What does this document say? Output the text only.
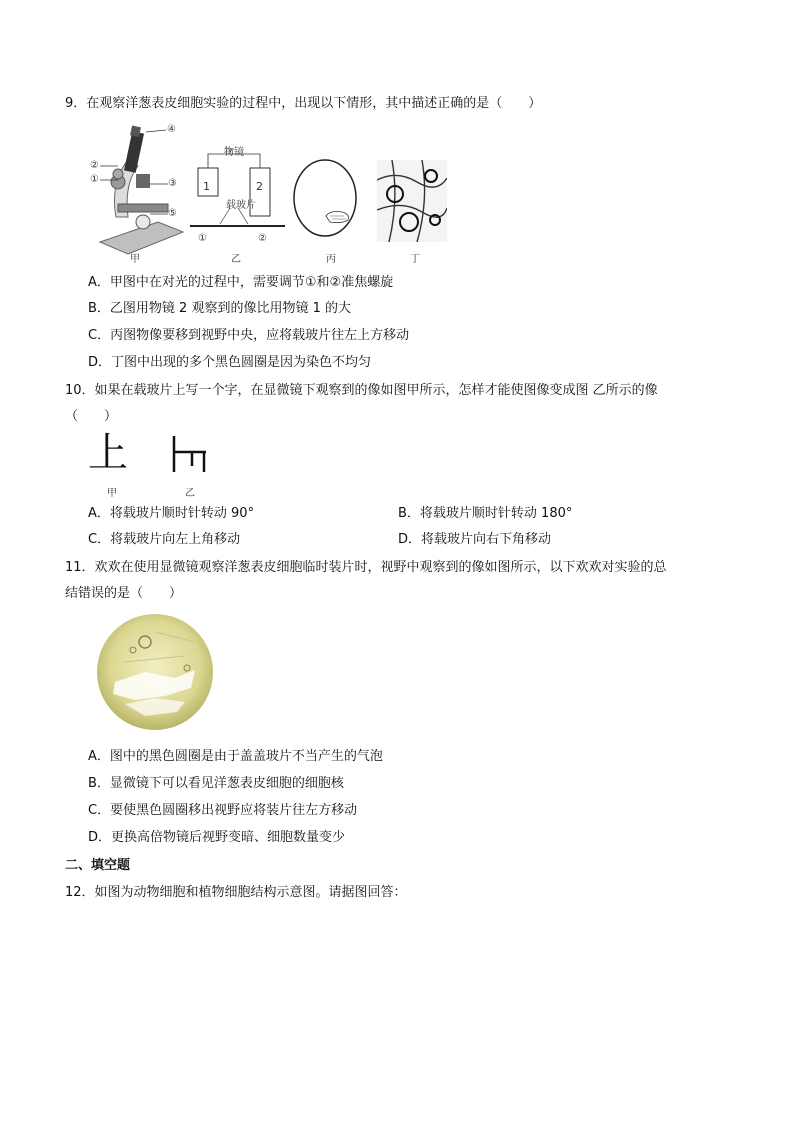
9．在观察洋葱表皮细胞实验的过程中，出现以下情形，其中描述正确的是（　　）
④
②
①	③
⑤
甲
物镜
载玻片
1	2
①	②
乙	丙	丁
A．甲图中在对光的过程中，需要调节①和②准焦螺旋
B．乙图用物镜 2 观察到的像比用物镜 1 的大
C．丙图物像要移到视野中央，应将载玻片往左上方移动
D．丁图中出现的多个黑色圆圈是因为染色不均匀
10．如果在载玻片上写一个字，在显微镜下观察到的像如图甲所示，怎样才能使图像变成图 乙所示的像
（　　）
上
甲	乙
A．将载玻片顺时针转动 90°	B．将载玻片顺时针转动 180°
C．将载玻片向左上角移动	D．将载玻片向右下角移动
11．欢欢在使用显微镜观察洋葱表皮细胞临时装片时，视野中观察到的像如图所示，以下欢欢对实验的总
结错误的是（　　）
A．图中的黑色圆圈是由于盖盖玻片不当产生的气泡
B．显微镜下可以看见洋葱表皮细胞的细胞核
C．要使黑色圆圈移出视野应将装片往左方移动
D．更换高倍物镜后视野变暗、细胞数量变少
二、填空题
12．如图为动物细胞和植物细胞结构示意图。请据图回答：
